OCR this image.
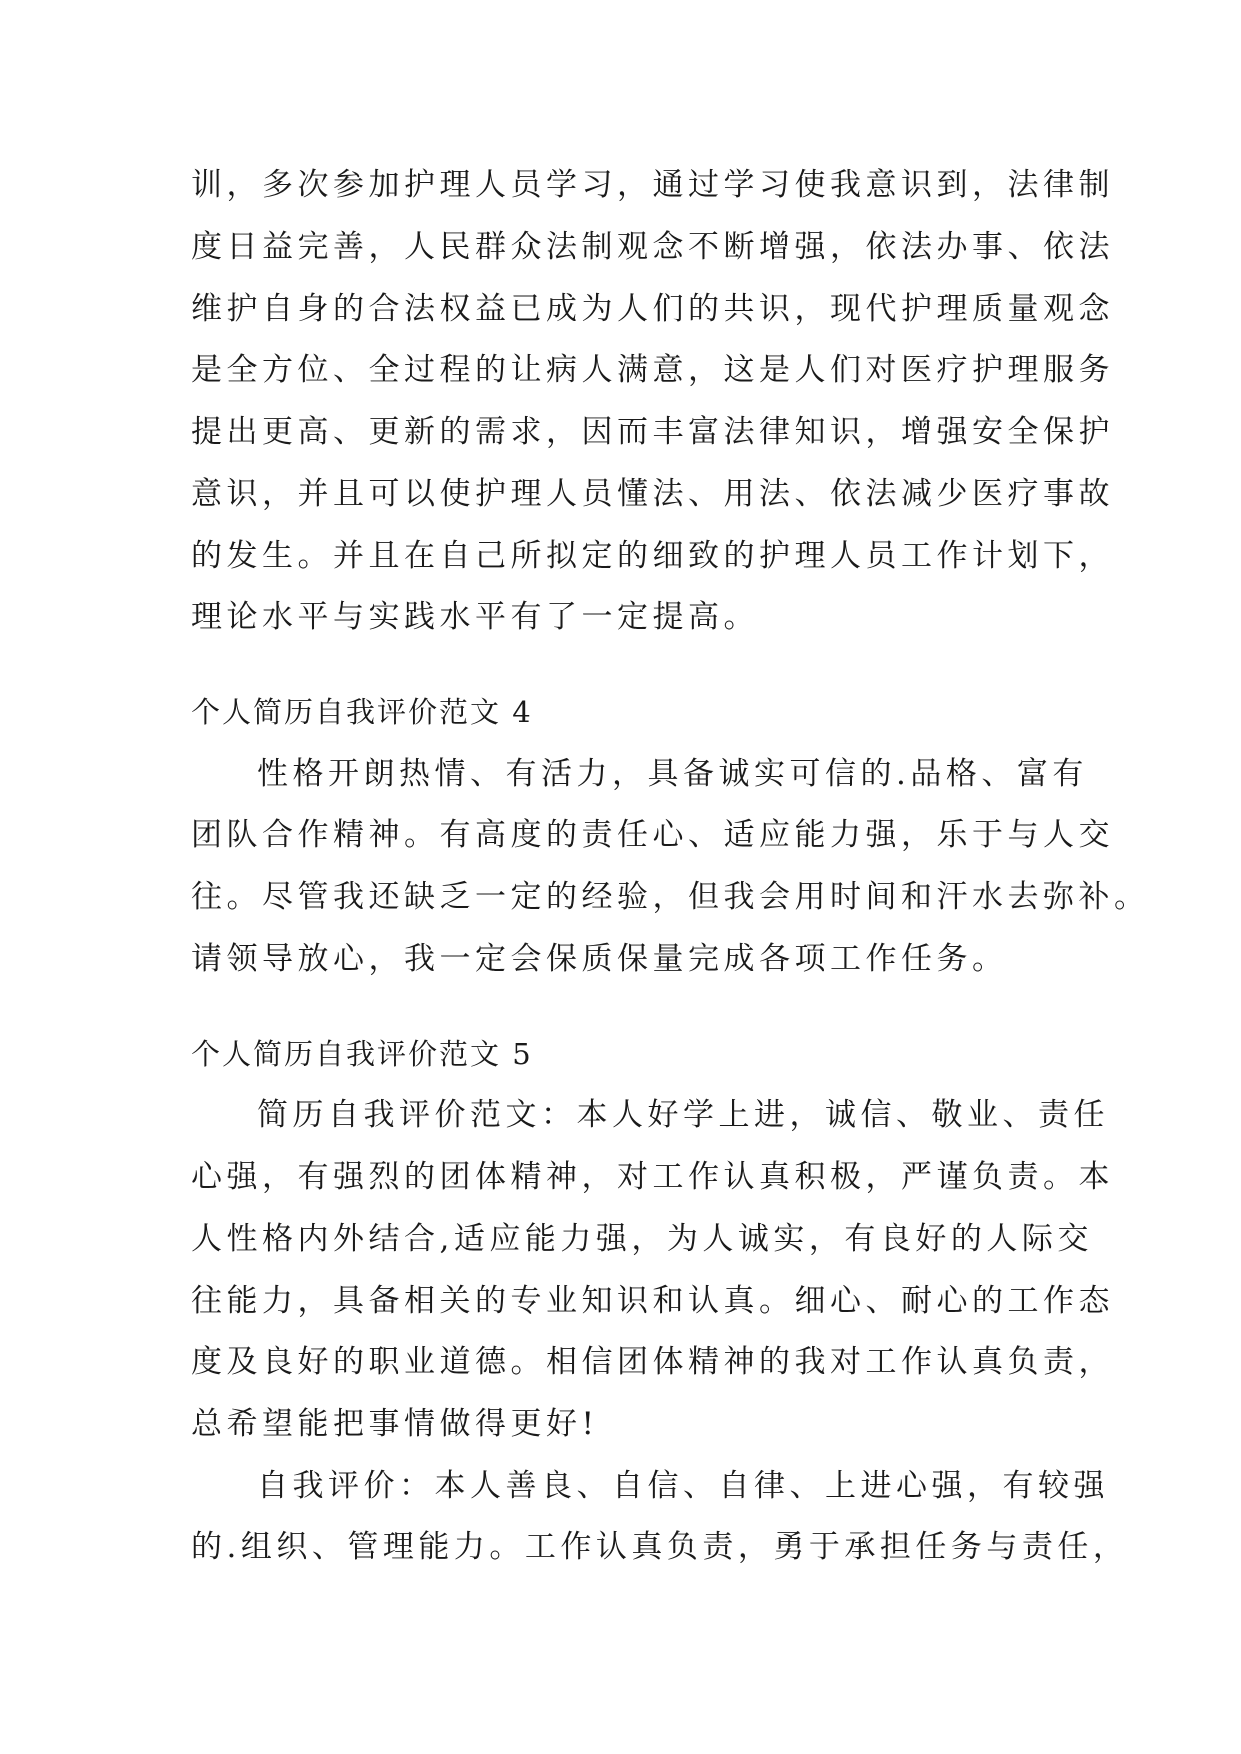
训，多次参加护理人员学习，通过学习使我意识到，法律制
度日益完善，人民群众法制观念不断增强，依法办事、依法
维护自身的合法权益已成为人们的共识，现代护理质量观念
是全方位、全过程的让病人满意，这是人们对医疗护理服务
提出更高、更新的需求，因而丰富法律知识，增强安全保护
意识，并且可以使护理人员懂法、用法、依法减少医疗事故
的发生。并且在自己所拟定的细致的护理人员工作计划下，
理论水平与实践水平有了一定提高。
个人简历自我评价范文 4
性格开朗热情、有活力，具备诚实可信的.品格、富有
团队合作精神。有高度的责任心、适应能力强，乐于与人交
往。尽管我还缺乏一定的经验，但我会用时间和汗水去弥补。
请领导放心，我一定会保质保量完成各项工作任务。
个人简历自我评价范文 5
简历自我评价范文：本人好学上进，诚信、敬业、责任
心强，有强烈的团体精神，对工作认真积极，严谨负责。本
人性格内外结合,适应能力强，为人诚实，有良好的人际交
往能力，具备相关的专业知识和认真。细心、耐心的工作态
度及良好的职业道德。相信团体精神的我对工作认真负责，
总希望能把事情做得更好!
自我评价：本人善良、自信、自律、上进心强，有较强
的.组织、管理能力。工作认真负责，勇于承担任务与责任，
